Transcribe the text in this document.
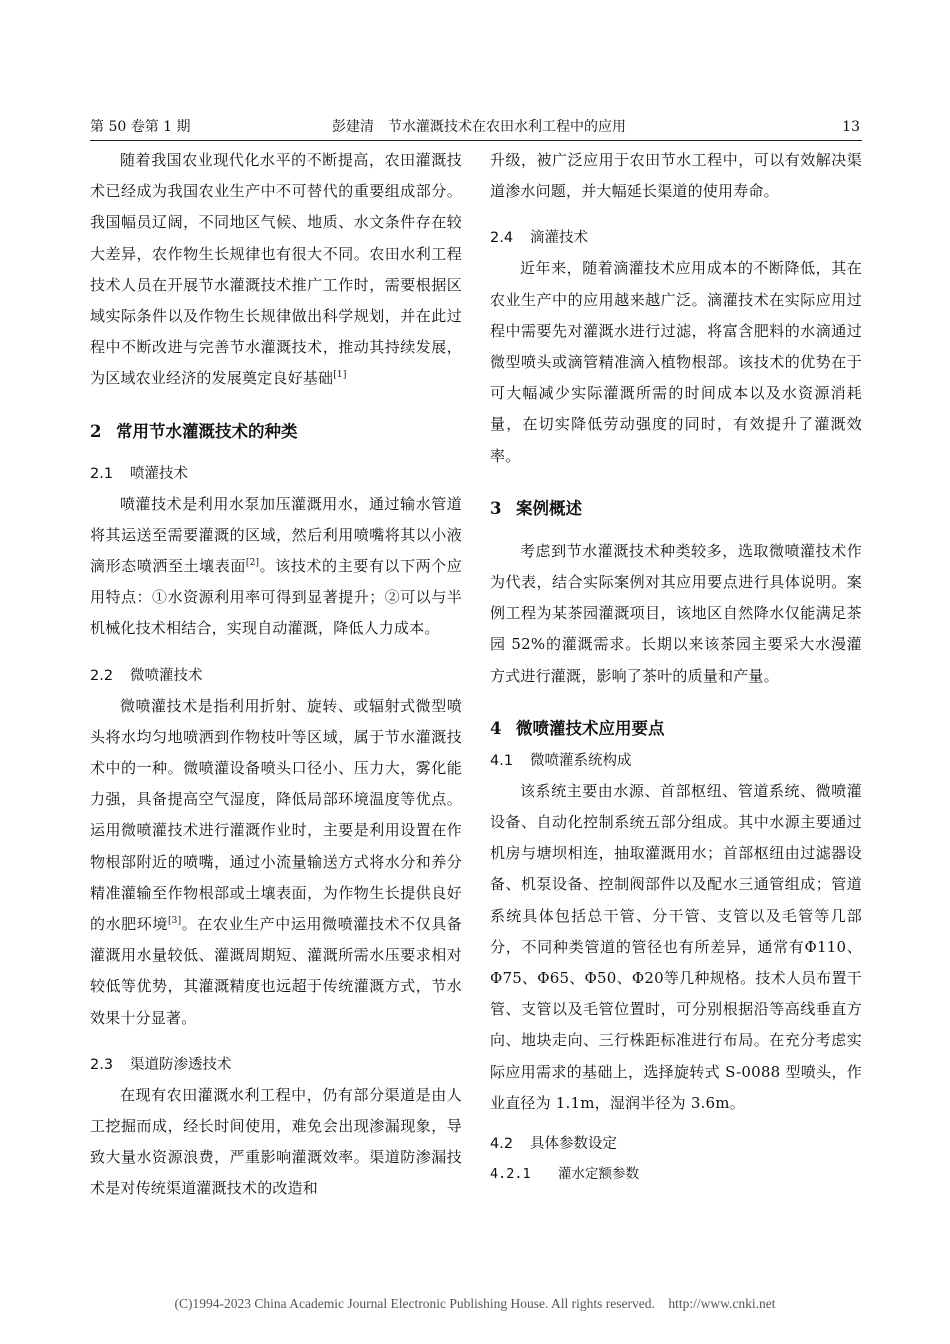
第 50 卷第 1 期	彭建清 节水灌溉技术在农田水利工程中的应用	13

随着我国农业现代化水平的不断提高，农田灌溉技术已经成为我国农业生产中不可替代的重要组成部分。我国幅员辽阔，不同地区气候、地质、水文条件存在较大差异，农作物生长规律也有很大不同。农田水利工程技术人员在开展节水灌溉技术推广工作时，需要根据区域实际条件以及作物生长规律做出科学规划，并在此过程中不断改进与完善节水灌溉技术，推动其持续发展，为区域农业经济的发展奠定良好基础[1]

2 常用节水灌溉技术的种类
2.1 喷灌技术

喷灌技术是利用水泵加压灌溉用水，通过输水管道将其运送至需要灌溉的区域，然后利用喷嘴将其以小液滴形态喷洒至土壤表面[2]。该技术的主要有以下两个应用特点：①水资源利用率可得到显著提升；②可以与半机械化技术相结合，实现自动灌溉，降低人力成本。

2.2 微喷灌技术

微喷灌技术是指利用折射、旋转、或辐射式微型喷头将水均匀地喷洒到作物枝叶等区域，属于节水灌溉技术中的一种。微喷灌设备喷头口径小、压力大，雾化能力强，具备提高空气湿度，降低局部环境温度等优点。运用微喷灌技术进行灌溉作业时，主要是利用设置在作物根部附近的喷嘴，通过小流量输送方式将水分和养分精准灌输至作物根部或土壤表面，为作物生长提供良好的水肥环境[3]。在农业生产中运用微喷灌技术不仅具备灌溉用水量较低、灌溉周期短、灌溉所需水压要求相对较低等优势，其灌溉精度也远超于传统灌溉方式，节水效果十分显著。

2.3 渠道防渗透技术

在现有农田灌溉水利工程中，仍有部分渠道是由人工挖掘而成，经长时间使用，难免会出现渗漏现象，导致大量水资源浪费，严重影响灌溉效率。渠道防渗漏技术是对传统渠道灌溉技术的改造和

升级，被广泛应用于农田节水工程中，可以有效解决渠道渗水问题，并大幅延长渠道的使用寿命。

2.4 滴灌技术

近年来，随着滴灌技术应用成本的不断降低，其在农业生产中的应用越来越广泛。滴灌技术在实际应用过程中需要先对灌溉水进行过滤，将富含肥料的水滴通过微型喷头或滴管精准滴入植物根部。该技术的优势在于可大幅减少实际灌溉所需的时间成本以及水资源消耗量，在切实降低劳动强度的同时，有效提升了灌溉效率。

3 案例概述

考虑到节水灌溉技术种类较多，选取微喷灌技术作为代表，结合实际案例对其应用要点进行具体说明。案例工程为某茶园灌溉项目，该地区自然降水仅能满足茶园 52%的灌溉需求。长期以来该茶园主要采大水漫灌方式进行灌溉，影响了茶叶的质量和产量。

4 微喷灌技术应用要点
4.1 微喷灌系统构成

该系统主要由水源、首部枢纽、管道系统、微喷灌设备、自动化控制系统五部分组成。其中水源主要通过机房与塘坝相连，抽取灌溉用水；首部枢纽由过滤器设备、机泵设备、控制阀部件以及配水三通管组成；管道系统具体包括总干管、分干管、支管以及毛管等几部分，不同种类管道的管径也有所差异，通常有Φ110、Φ75、Φ65、Φ50、Φ20等几种规格。技术人员布置干管、支管以及毛管位置时，可分别根据沿等高线垂直方向、地块走向、三行株距标准进行布局。在充分考虑实际应用需求的基础上，选择旋转式 S-0088 型喷头，作业直径为 1.1m，湿润半径为 3.6m。

4.2 具体参数设定
4.2.1 灌水定额参数
(C)1994-2023 China Academic Journal Electronic Publishing House. All rights reserved. http://www.cnki.net
